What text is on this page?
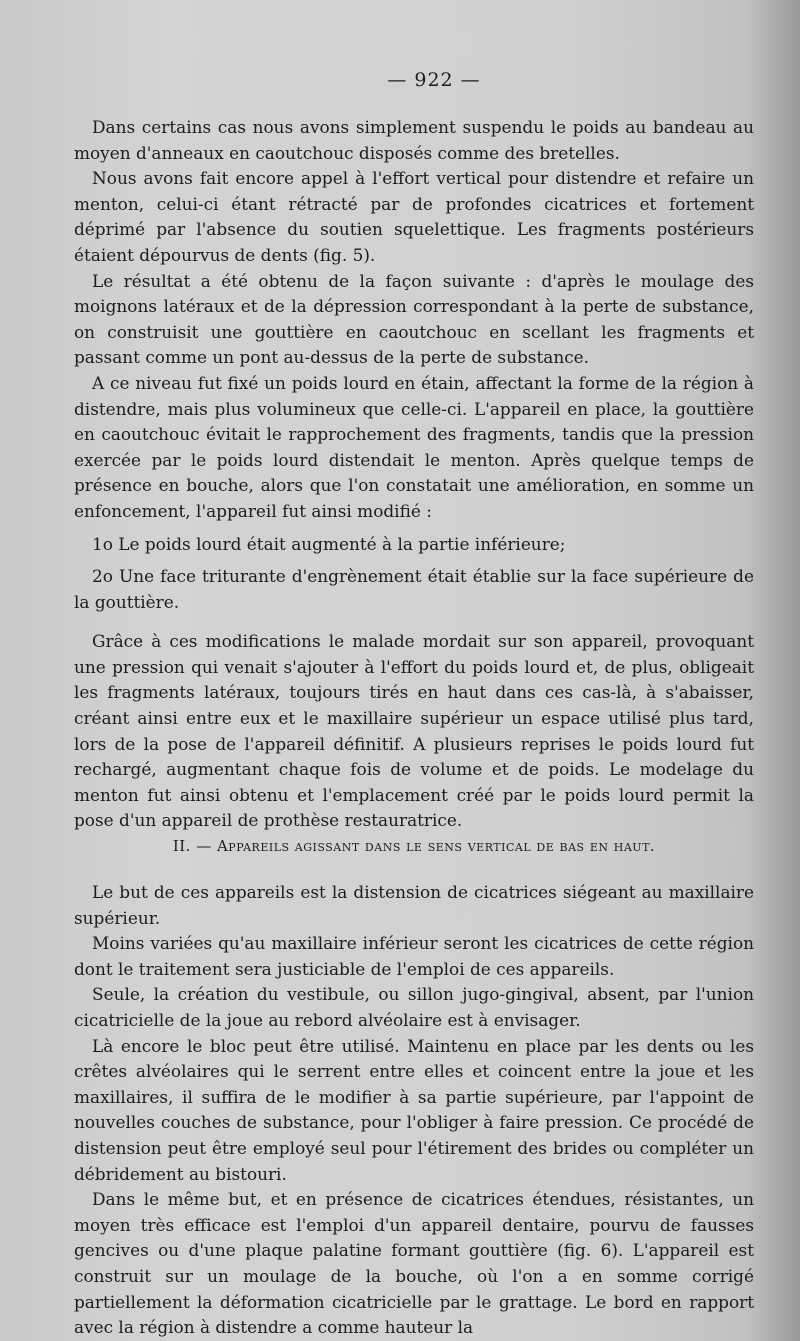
— 922 —

Dans certains cas nous avons simplement suspendu le poids au bandeau au moyen d'anneaux en caoutchouc disposés comme des bretelles.

Nous avons fait encore appel à l'effort vertical pour distendre et refaire un menton, celui-ci étant rétracté par de profondes cicatrices et fortement déprimé par l'absence du soutien squelettique. Les fragments postérieurs étaient dépourvus de dents (fig. 5).

Le résultat a été obtenu de la façon suivante : d'après le moulage des moignons latéraux et de la dépression correspondant à la perte de substance, on construisit une gouttière en caoutchouc en scellant les fragments et passant comme un pont au-dessus de la perte de substance.

A ce niveau fut fixé un poids lourd en étain, affectant la forme de la région à distendre, mais plus volumineux que celle-ci. L'appareil en place, la gouttière en caoutchouc évitait le rapprochement des fragments, tandis que la pression exercée par le poids lourd distendait le menton. Après quelque temps de présence en bouche, alors que l'on constatait une amélioration, en somme un enfoncement, l'appareil fut ainsi modifié :

1o Le poids lourd était augmenté à la partie inférieure;

2o Une face triturante d'engrènement était établie sur la face supérieure de la gouttière.

Grâce à ces modifications le malade mordait sur son appareil, provoquant une pression qui venait s'ajouter à l'effort du poids lourd et, de plus, obligeait les fragments latéraux, toujours tirés en haut dans ces cas-là, à s'abaisser, créant ainsi entre eux et le maxillaire supérieur un espace utilisé plus tard, lors de la pose de l'appareil définitif. A plusieurs reprises le poids lourd fut rechargé, augmentant chaque fois de volume et de poids. Le modelage du menton fut ainsi obtenu et l'emplacement créé par le poids lourd permit la pose d'un appareil de prothèse restauratrice.

II. — Appareils agissant dans le sens vertical de bas en haut.

Le but de ces appareils est la distension de cicatrices siégeant au maxillaire supérieur.

Moins variées qu'au maxillaire inférieur seront les cicatrices de cette région dont le traitement sera justiciable de l'emploi de ces appareils.

Seule, la création du vestibule, ou sillon jugo-gingival, absent, par l'union cicatricielle de la joue au rebord alvéolaire est à envisager.

Là encore le bloc peut être utilisé. Maintenu en place par les dents ou les crêtes alvéolaires qui le serrent entre elles et coincent entre la joue et les maxillaires, il suffira de le modifier à sa partie supérieure, par l'appoint de nouvelles couches de substance, pour l'obliger à faire pression. Ce procédé de distension peut être employé seul pour l'étirement des brides ou compléter un débridement au bistouri.

Dans le même but, et en présence de cicatrices étendues, résistantes, un moyen très efficace est l'emploi d'un appareil dentaire, pourvu de fausses gencives ou d'une plaque palatine formant gouttière (fig. 6). L'appareil est construit sur un moulage de la bouche, où l'on a en somme corrigé partiellement la déformation cicatricielle par le grattage. Le bord en rapport avec la région à distendre a comme hauteur la
